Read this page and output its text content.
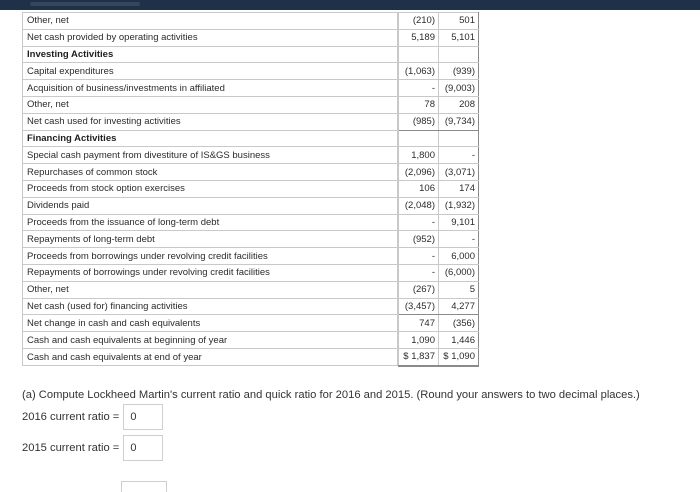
Other, net		(210)	501
Net cash provided by operating activities		5,189	5,101
Investing Activities			
Capital expenditures		(1,063)	(939)
Acquisition of business/investments in affiliated		-	(9,003)
Other, net		78	208
Net cash used for investing activities		(985)	(9,734)
Financing Activities			
Special cash payment from divestiture of IS&GS business		1,800	-
Repurchases of common stock		(2,096)	(3,071)
Proceeds from stock option exercises		106	174
Dividends paid		(2,048)	(1,932)
Proceeds from the issuance of long-term debt		-	9,101
Repayments of long-term debt		(952)	-
Proceeds from borrowings under revolving credit facilities		-	6,000
Repayments of borrowings under revolving credit facilities		-	(6,000)
Other, net		(267)	5
Net cash (used for) financing activities		(3,457)	4,277
Net change in cash and cash equivalents		747	(356)
Cash and cash equivalents at beginning of year		1,090	1,446
Cash and cash equivalents at end of year		$ 1,837	$ 1,090
(a) Compute Lockheed Martin's current ratio and quick ratio for 2016 and 2015. (Round your answers to two decimal places.)
2016 current ratio =	0
2015 current ratio =	0
